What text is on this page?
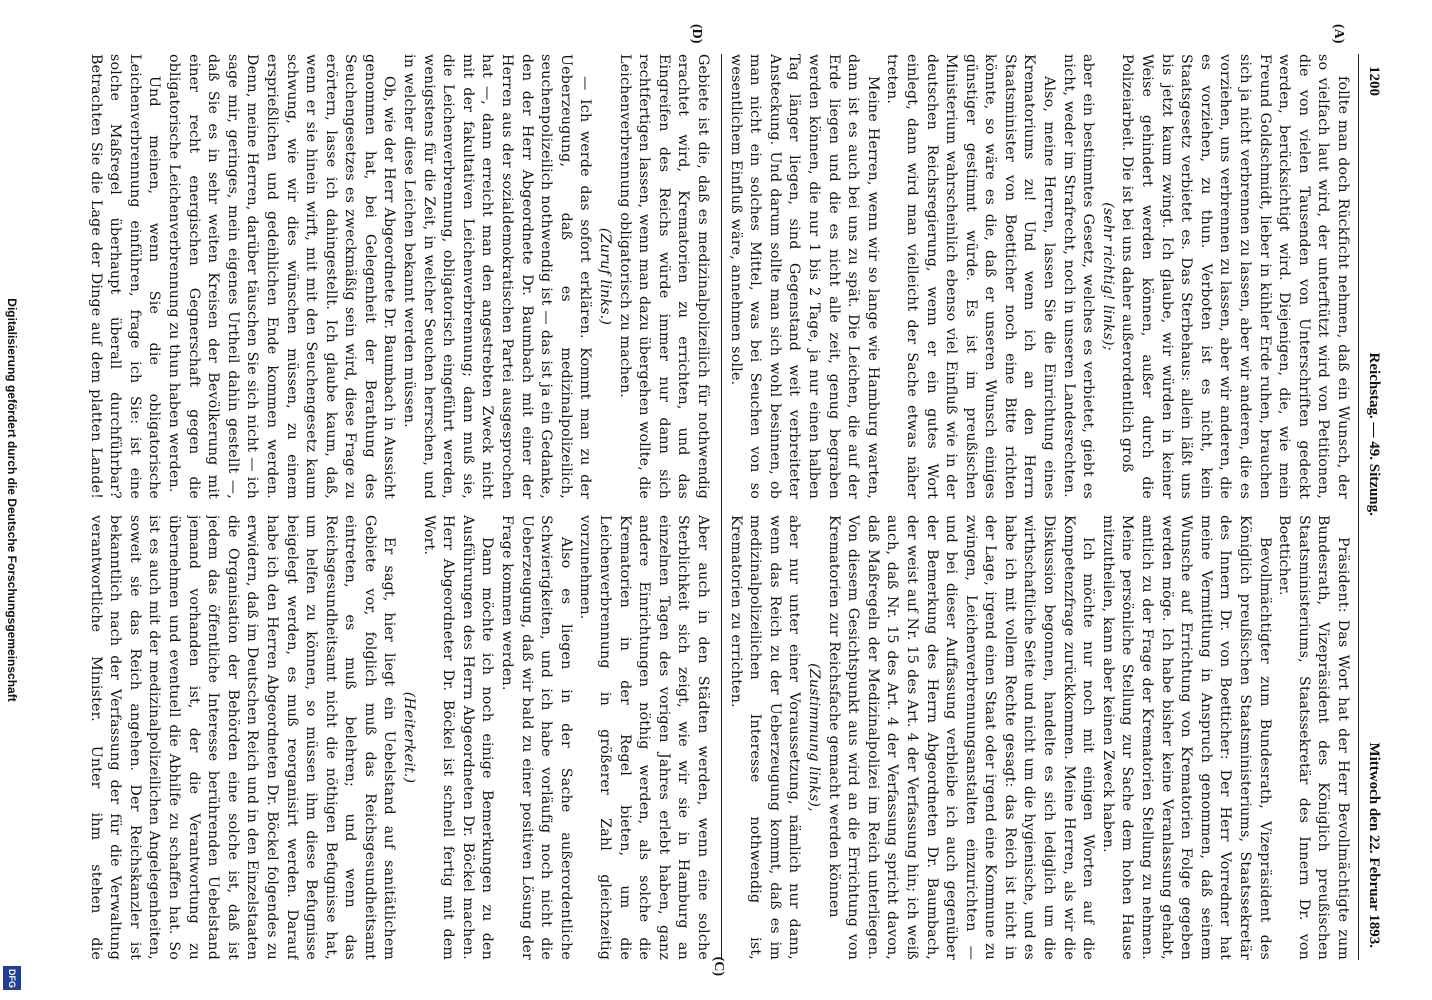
Digitalisierung gefördert durch die Deutsche Forschungsgemeinschaft
DFG
1200
Reichstag. — 49. Sitzung.
Mittwoch den 22. Februar 1893.
(A)

follte man doch Rückficht nehmen, daß ein Wunsch, der so vielfach laut wird, der unterftützt wird von Petitionen, die von vielen Tausenden von Unterschriften gedeckt werden, berücksichtigt wird. Diejenigen, die, wie mein Freund Goldschmidt, lieber in kühler Erde ruhen, brauchen sich ja nicht verbrennen zu lassen, aber wir anderen, die es vorziehen, uns verbrennen zu lassen, aber wir anderen, die es vorziehen, zu thun. Verboten ist es nicht, kein Staatsgesetz verbietet es. Das Sterbehaus: allein läßt uns bis jetzt kaum zwingt. Ich glaube, wir würden in keiner Weise gehindert werden können, außer durch die Polizeiarbeit. Die ist bei uns daher außerordentlich groß

(sehr richtig! links);

aber ein bestimmtes Gesetz, welches es verbietet, giebt es nicht, weder im Strafrecht, noch in unseren Landesrechten.

Also, meine Herren, lassen Sie die Einrichtung eines Krematoriums zu! Und wenn ich an den Herrn Staatsminister von Boetticher noch eine Bitte richten könnte, so wäre es die, daß er unseren Wunsch einiges günstiger gestimmt würde. Es ist im preußischen Ministerium wahrscheinlich ebenso viel Einfluß wie in der deutschen Reichsregierung, wenn er ein gutes Wort einlegt, dann wird man vielleicht der Sache etwas näher treten.

Meine Herren, wenn wir so lange wie Hamburg warten, dann ist es auch bei uns zu spät. Die Leichen, die auf der Erde liegen und die es nicht alle zeit, genug begraben werden können, die nur 1 bis 2 Tage, ja nur einen halben Tag länger liegen, sind Gegenstand weit verbreiteter Ansteckung. Und darum sollte man sich wohl besinnen, ob man nicht ein solches Mittel, was bei Seuchen von so wesentlichem Einfluß wäre, annehmen solle.

Präsident: Das Wort hat der Herr Bevollmächtigte zum Bundesrath, Vizepräsident des Königlich preußischen Staatsministeriums, Staatssekretär des Innern Dr. von Boetticher.

Bevollmächtigter zum Bundesrath, Vizepräsident des Königlich preußischen Staatsministeriums, Staatssekretär des Innern Dr. von Boetticher: Der Herr Vorredner hat meine Vermittlung in Anspruch genommen, daß seinem Wunsche auf Errichtung von Krematorien Folge gegeben werden möge. Ich habe bisher keine Veranlassung gehabt, amtlich zu der Frage der Krematorien Stellung zu nehmen. Meine persönliche Stellung zur Sache dem hohen Hause mitzutheilen, kann aber keinen Zweck haben.

Ich möchte nur noch mit einigen Worten auf die Kompetenzfrage zurückkommen. Meine Herren, als wir die Diskussion begonnen, handelte es sich lediglich um die wirthschaftliche Seite und nicht um die hygienische, und es habe ich mit vollem Rechte gesagt: das Reich ist nicht in der Lage, irgend einen Staat oder irgend eine Kommune zu zwingen, Leichenverbrennungsanstalten einzurichten — und bei dieser Auffassung verbleibe ich auch gegenüber der Bemerkung des Herrn Abgeordneten Dr. Baumbach, der weist auf Nr. 15 des Art. 4 der Verfassung hin; ich weiß auch, daß Nr. 15 des Art. 4 der Verfassung spricht davon, daß Maßregeln der Medizinalpolizei im Reich unterliegen. Von diesem Gesichtspunkt aus wird an die Errichtung von Krematorien zur Reichsfache gemacht werden können

(Zustimmung links),

aber nur unter einer Voraussetzung, nämlich nur dann, wenn das Reich zu der Ueberzeugung kommt, daß es im medizinalpolizeilichen Interesse nothwendig ist, Krematorien zu errichten.

(D)

Gebiete ist die, daß es medizinalpolizeilich für nothwendig erachtet wird, Krematorien zu errichten, und das Eingreifen des Reichs würde immer nur dann sich rechtfertigen lassen, wenn man dazu übergehen wollte, die Leichenverbrennung obligatorisch zu machen.

(Zuruf links.)

— Ich werde das sofort erklären. Kommt man zu der Ueberzeugung, daß es medizinalpolizeilich, seuchenpolizeilich nothwendig ist — das ist ja ein Gedanke, den der Herr Abgeordnete Dr. Baumbach mit einer der Herren aus der sozialdemokratischen Partei ausgesprochen hat —, dann erreicht man den angestrebten Zweck nicht mit der fakultativen Leichenverbrennung; dann muß sie, die Leichenverbrennung, obligatorisch eingeführt werden, wenigstens für die Zeit, in welcher Seuchen herrschen, und in welcher diese Leichen bekannt werden müssen.

Ob, wie der Herr Abgeordnete Dr. Baumbach in Aussicht genommen hat, bei Gelegenheit der Berathung des Seuchengesetzes es zweckmäßig sein wird, diese Frage zu erörtern, lasse ich dahingestellt. Ich glaube kaum, daß, wenn er sie hinein wirft, mit mit den Seuchengesetz kaum schwung, wie wir dies wünschen müssen, zu einem ersprießlichen und gedeihlichen Ende kommen werden. Denn, meine Herren, darüber täuschen Sie sich nicht — ich sage mir, geringes, mein eigenes Urtheil dahin gestellt —, daß Sie es in sehr weiten Kreisen der Bevölkerung mit einer recht energischen Gegnerschaft gegen die obligatorische Leichenverbrennung zu thun haben werden.

Und meinen, wenn Sie die obligatorische Leichenverbrennung einführen, frage ich Sie: ist eine solche Maßregel überhaupt überall durchführbar? Betrachten Sie die Lage der Dinge auf dem platten Lande!

Aber auch in den Städten werden, wenn eine solche Sterblichkeit sich zeigt, wie wir sie in Hamburg an einzelnen Tagen des vorigen Jahres erlebt haben, ganz andere Einrichtungen nöthig werden, als solche die Krematorien in der Regel bieten, um die Leichenverbrennung in größerer Zahl gleichzeitig vorzunehmen.

Also es liegen in der Sache außerordentliche Schwierigkeiten, und ich habe vorläufig noch nicht die Ueberzeugung, daß wir bald zu einer positiven Lösung der Frage kommen werden.

Dann möchte ich noch einige Bemerkungen zu den Ausführungen des Herrn Abgeordneten Dr. Böckel machen. Herr Abgeordneter Dr. Böckel ist schnell fertig mit dem Wort.

(Heiterkeit.)

Er sagt, hier liegt ein Uebelstand auf sanitätlichem Gebiete vor, folglich muß das Reichsgesundheitsamt eintreten, es muß belehren; und wenn das Reichsgesundheitsamt nicht die nöthigen Befugnisse hat, um helfen zu können, so müssen ihm diese Befugnisse beigelegt werden, es muß reorganisirt werden. Darauf habe ich den Herren Abgeordneten Dr. Böckel folgendes zu erwidern, daß im Deutschen Reich und in den Einzelstaaten die Organisation der Behörden eine solche ist, daß ist jedem das öffentliche Interesse berührenden Uebelstand jemand vorhanden ist, der die Verantwortung zu übernehmen und eventuell die Abhilfe zu schaffen hat. So ist es auch mit der medizinalpolizeilichen Angelegenheiten, soweit sie das Reich angehen. Der Reichskanzler ist bekanntlich nach der Verfassung der für die Verwaltung verantwortliche Minister. Unter ihm stehen die

(C)
